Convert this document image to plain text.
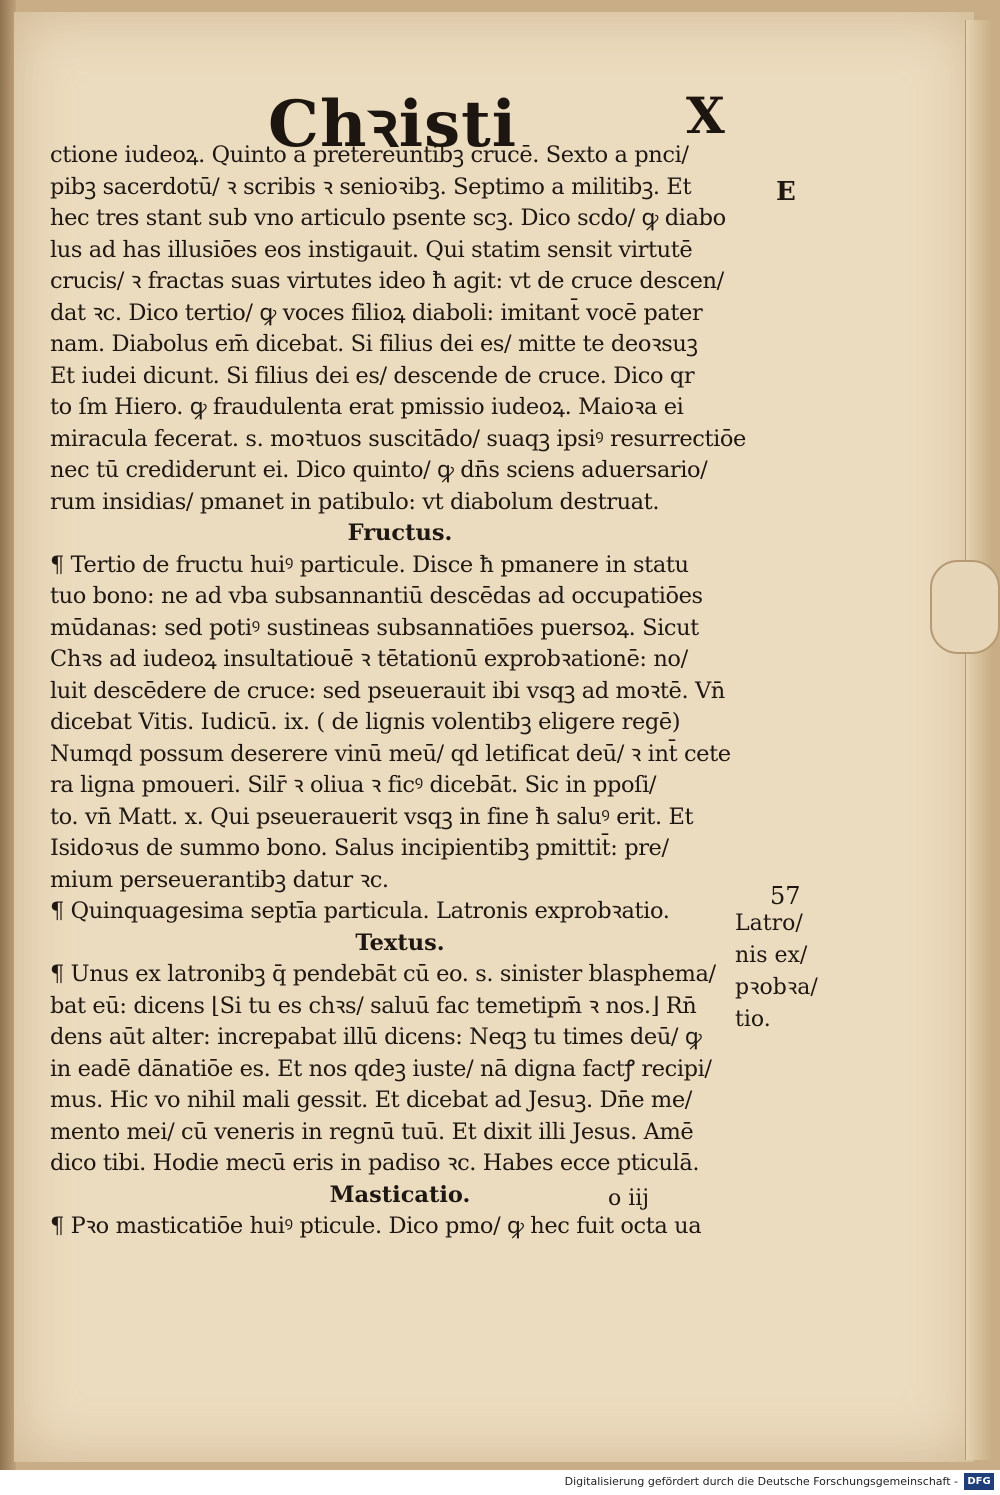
Chꝛisti	X
E
57
Latro/
nis ex/
pꝛobꝛa/
tio.
ctione iudeoꝝ. Quinto a pretereuntibꝫ crucē. Sexto a pnci/
pibꝫ sacerdotū/ ꝛ scribis ꝛ senioꝛibꝫ. Septimo a militibꝫ. Et
hec tres stant sub vno articulo psente scꝫ. Dico scdo/ ꝙ diabo
lus ad has illusiōes eos instigauit. Qui statim sensit virtutē
crucis/ ꝛ fractas suas virtutes ideo ħ agit: vt de cruce descen/
dat ꝛc. Dico tertio/ ꝙ voces filioꝝ diaboli: imitant̄ vocē pater
nam. Diabolus em̄ dicebat. Si filius dei es/ mitte te deoꝛsuꝫ
Et iudei dicunt. Si filius dei es/ descende de cruce. Dico qr
to ſm Hiero. ꝙ fraudulenta erat pmissio iudeoꝝ. Maioꝛa ei
miracula fecerat. s. moꝛtuos suscitādo/ suaqꝫ ipsiꝰ resurrectiōe
nec tū crediderunt ei. Dico quinto/ ꝙ dn̄s sciens aduersario/
rum insidias/ pmanet in patibulo: vt diabolum destruat.
Fructus.
¶ Tertio de fructu huiꝰ particule. Disce ħ pmanere in statu
tuo bono: ne ad vba subsannantiū descēdas ad occupatiōes
mūdanas: sed potiꝰ sustineas subsannatiōes puersoꝝ. Sicut
Chꝛs ad iudeoꝝ insultatiouē ꝛ tētationū exprobꝛationē: no/
luit descēdere de cruce: sed pseuerauit ibi vsqꝫ ad moꝛtē. Vn̄
dicebat Vitis. Iudicū. ix. ( de lignis volentibꝫ eligere regē)
Numqd possum deserere vinū meū/ qd letificat deū/ ꝛ int̄ cete
ra ligna pmoueri. Silr̄ ꝛ oliua ꝛ ficꝰ dicebāt. Sic in ppoſi/
to. vn̄ Matt. x. Qui pseuerauerit vsqꝫ in fine ħ saluꝰ erit. Et
Isidoꝛus de summo bono. Salus incipientibꝫ pmittit̄: pre/
mium perseuerantibꝫ datur ꝛc.
¶ Quinquagesima septīa particula. Latronis exprobꝛatio.
Textus.
¶ Unus ex latronibꝫ q̄ pendebāt cū eo. s. sinister blasphema/
bat eū: dicens ⌊Si tu es chꝛs/ saluū fac temetipm̄ ꝛ nos.⌋ Rn̄
dens aūt alter: increpabat illū dicens: Neqꝫ tu times deū/ ꝙ
in eadē dānatiōe es. Et nos qdeꝫ iuste/ nā digna factꝭ recipi/
mus. Hic vo nihil mali gessit. Et dicebat ad Jesuꝫ. Dn̄e me/
mento mei/ cū veneris in regnū tuū. Et dixit illi Jesus. Amē
dico tibi. Hodie mecū eris in padiso ꝛc. Habes ecce pticulā.
Masticatio.
¶ Pꝛo masticatiōe huiꝰ pticule. Dico pmo/ ꝙ hec fuit octa ua
o iij
Digitalisierung gefördert durch die Deutsche Forschungsgemeinschaft - DFG
